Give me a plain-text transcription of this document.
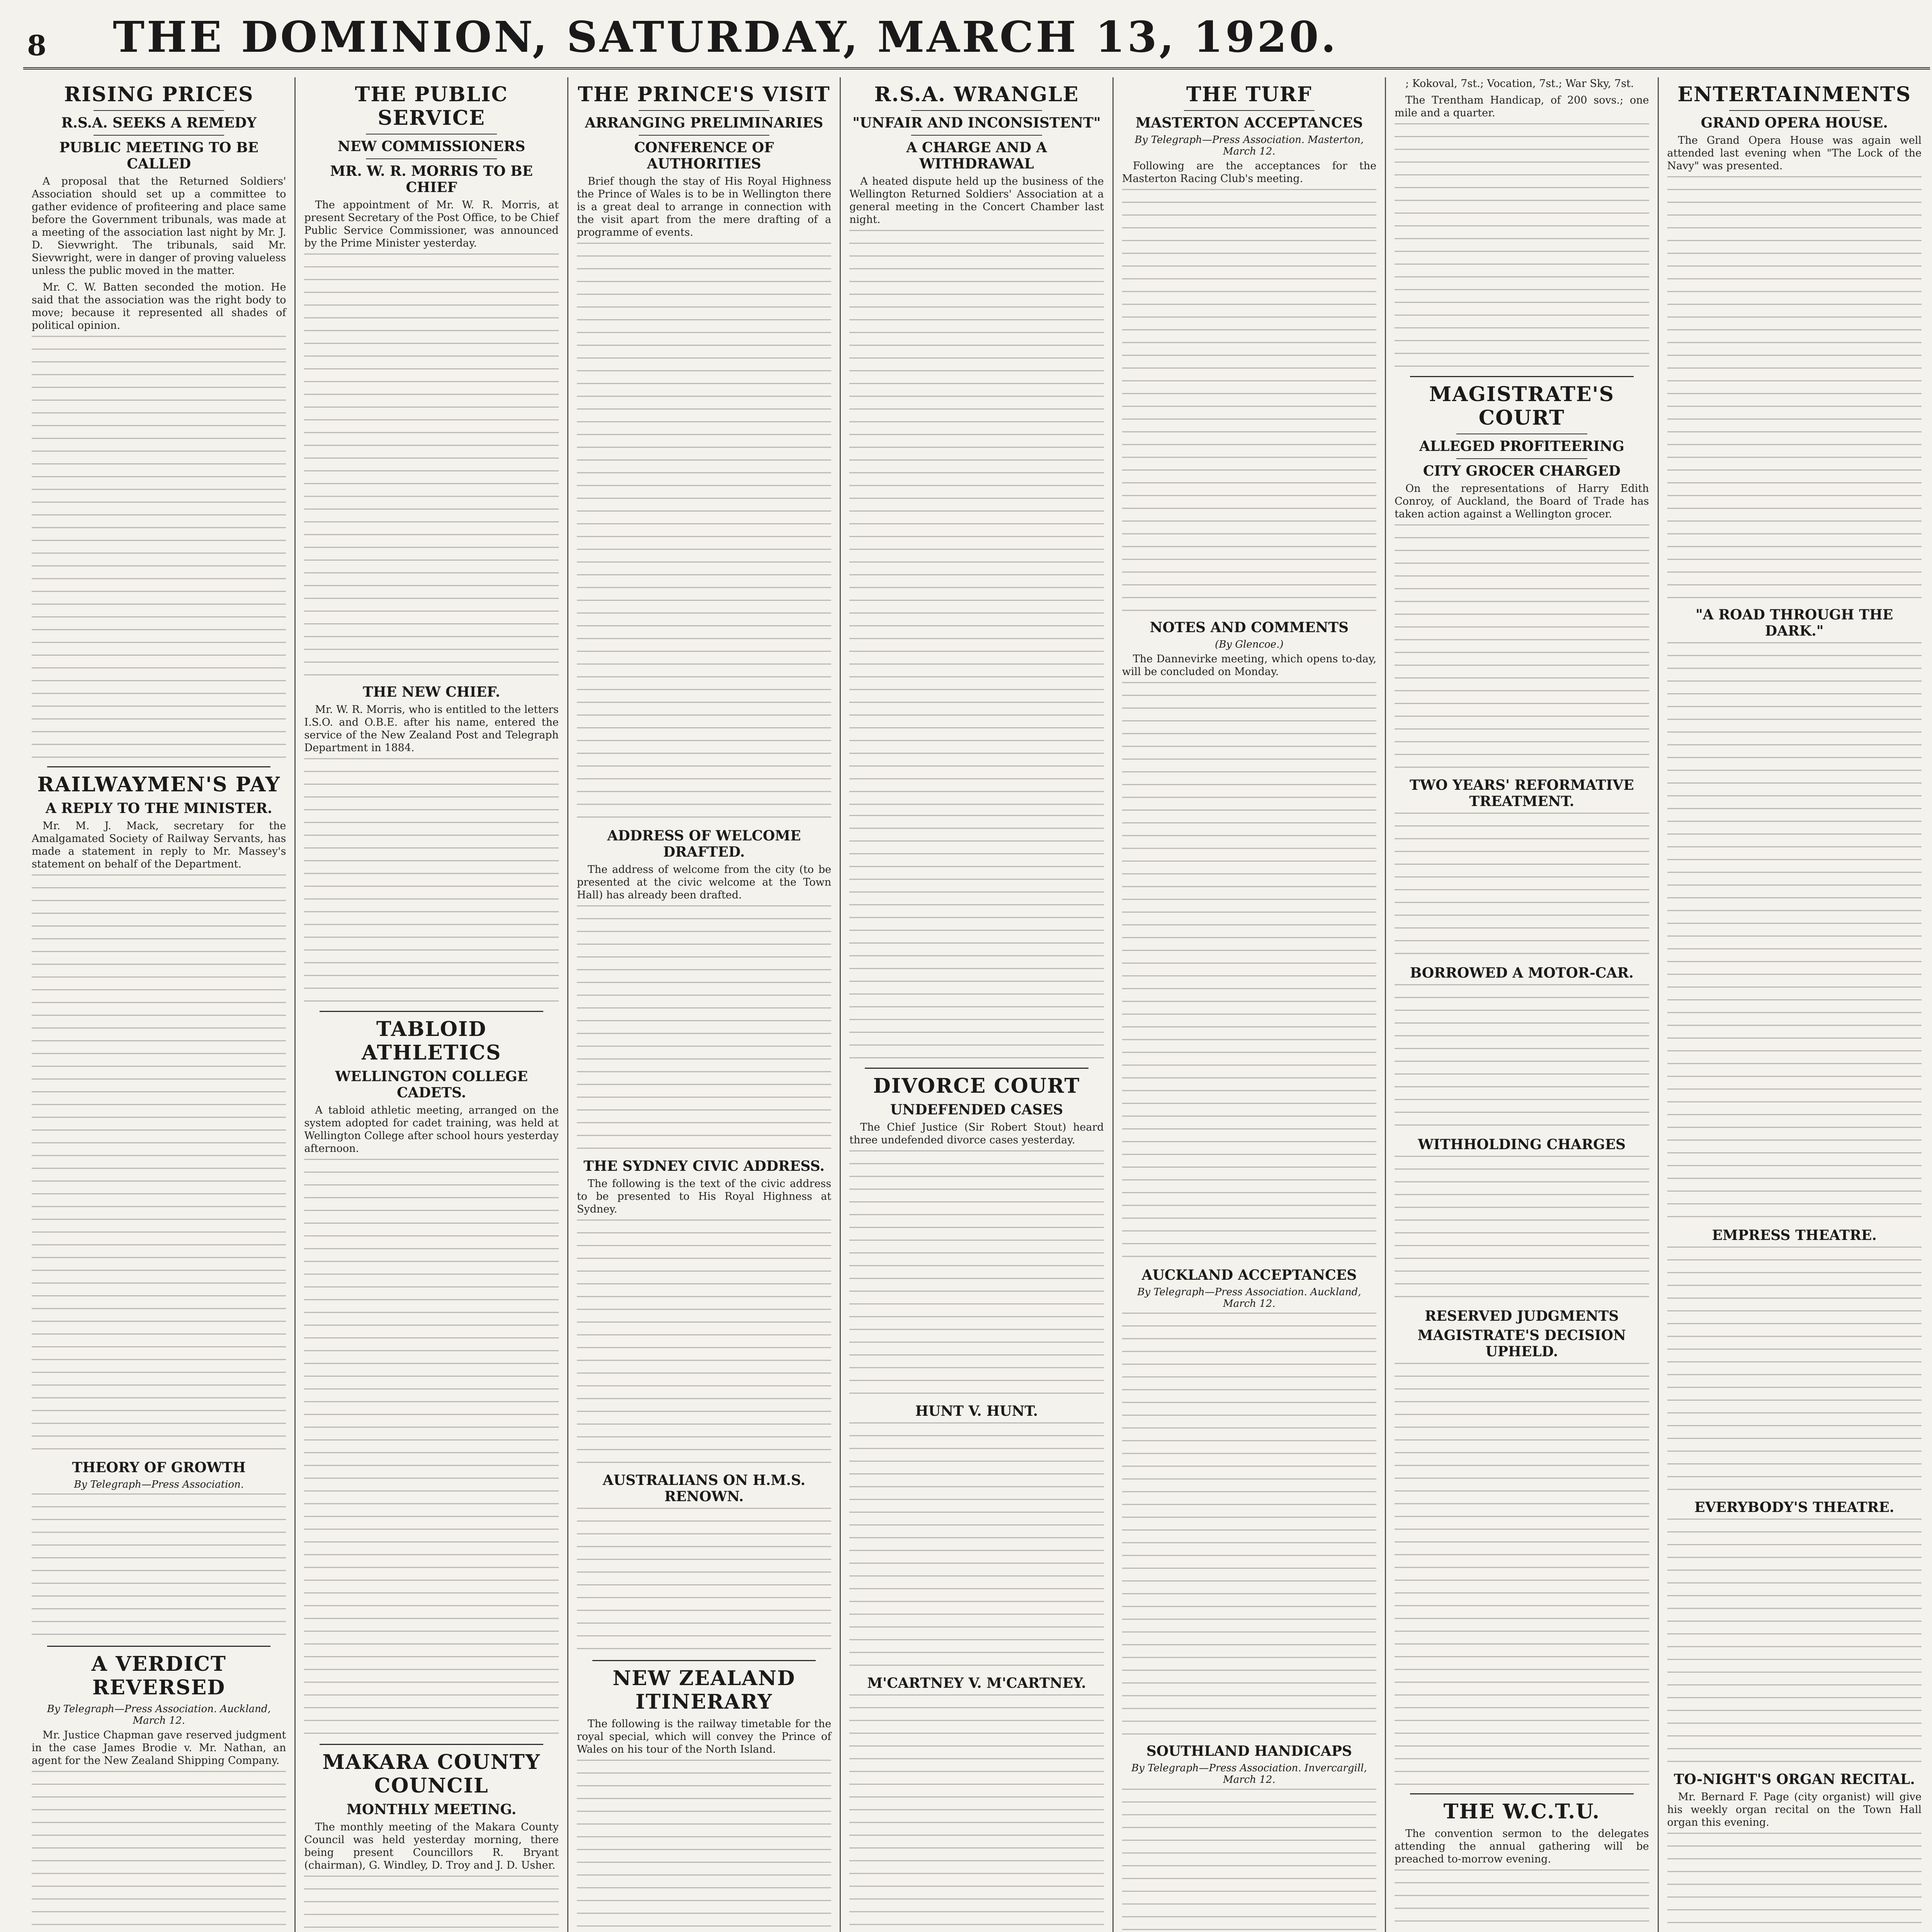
8	THE DOMINION, SATURDAY, MARCH 13, 1920.
RISING PRICES
R.S.A. SEEKS A REMEDY
PUBLIC MEETING TO BE CALLED

A proposal that the Returned Soldiers' Association should set up a committee to gather evidence of profiteering and place same before the Government tribunals, was made at a meeting of the association last night by Mr. J. D. Sievwright. The tribunals, said Mr. Sievwright, were in danger of proving valueless unless the public moved in the matter.

Mr. C. W. Batten seconded the motion. He said that the association was the right body to move; because it represented all shades of political opinion.

RAILWAYMEN'S PAY
A REPLY TO THE MINISTER.

Mr. M. J. Mack, secretary for the Amalgamated Society of Railway Servants, has made a statement in reply to Mr. Massey's statement on behalf of the Department.

THEORY OF GROWTH
By Telegraph—Press Association.
A VERDICT REVERSED
By Telegraph—Press Association. Auckland, March 12.

Mr. Justice Chapman gave reserved judgment in the case James Brodie v. Mr. Nathan, an agent for the New Zealand Shipping Company.

THE PUBLIC SERVICE
NEW COMMISSIONERS
MR. W. R. MORRIS TO BE CHIEF

The appointment of Mr. W. R. Morris, at present Secretary of the Post Office, to be Chief Public Service Commissioner, was announced by the Prime Minister yesterday.

THE NEW CHIEF.

Mr. W. R. Morris, who is entitled to the letters I.S.O. and O.B.E. after his name, entered the service of the New Zealand Post and Telegraph Department in 1884.

TABLOID ATHLETICS
WELLINGTON COLLEGE CADETS.

A tabloid athletic meeting, arranged on the system adopted for cadet training, was held at Wellington College after school hours yesterday afternoon.

MAKARA COUNTY COUNCIL
MONTHLY MEETING.

The monthly meeting of the Makara County Council was held yesterday morning, there being present Councillors R. Bryant (chairman), G. Windley, D. Troy and J. D. Usher.

THE PRINCE'S VISIT
ARRANGING PRELIMINARIES
CONFERENCE OF AUTHORITIES

Brief though the stay of His Royal Highness the Prince of Wales is to be in Wellington there is a great deal to arrange in connection with the visit apart from the mere drafting of a programme of events.

ADDRESS OF WELCOME DRAFTED.

The address of welcome from the city (to be presented at the civic welcome at the Town Hall) has already been drafted.

THE SYDNEY CIVIC ADDRESS.

The following is the text of the civic address to be presented to His Royal Highness at Sydney.

AUSTRALIANS ON H.M.S. RENOWN.
NEW ZEALAND ITINERARY

The following is the railway timetable for the royal special, which will convey the Prince of Wales on his tour of the North Island.

R.S.A. WRANGLE
"UNFAIR AND INCONSISTENT"
A CHARGE AND A WITHDRAWAL

A heated dispute held up the business of the Wellington Returned Soldiers' Association at a general meeting in the Concert Chamber last night.

DIVORCE COURT
UNDEFENDED CASES

The Chief Justice (Sir Robert Stout) heard three undefended divorce cases yesterday.

HUNT V. HUNT.
M'CARTNEY V. M'CARTNEY.
THE TURF
MASTERTON ACCEPTANCES
By Telegraph—Press Association. Masterton, March 12.

Following are the acceptances for the Masterton Racing Club's meeting.

NOTES AND COMMENTS
(By Glencoe.)

The Dannevirke meeting, which opens to-day, will be concluded on Monday.

AUCKLAND ACCEPTANCES
By Telegraph—Press Association. Auckland, March 12.
SOUTHLAND HANDICAPS
By Telegraph—Press Association. Invercargill, March 12.

; Kokoval, 7st.; Vocation, 7st.; War Sky, 7st.

The Trentham Handicap, of 200 sovs.; one mile and a quarter.

MAGISTRATE'S COURT
ALLEGED PROFITEERING
CITY GROCER CHARGED

On the representations of Harry Edith Conroy, of Auckland, the Board of Trade has taken action against a Wellington grocer.

TWO YEARS' REFORMATIVE TREATMENT.
BORROWED A MOTOR-CAR.
WITHHOLDING CHARGES
RESERVED JUDGMENTS
MAGISTRATE'S DECISION UPHELD.
THE W.C.T.U.

The convention sermon to the delegates attending the annual gathering will be preached to-morrow evening.

ENTERTAINMENTS
GRAND OPERA HOUSE.

The Grand Opera House was again well attended last evening when "The Lock of the Navy" was presented.

"A ROAD THROUGH THE DARK."
EMPRESS THEATRE.
EVERYBODY'S THEATRE.
TO-NIGHT'S ORGAN RECITAL.

Mr. Bernard F. Page (city organist) will give his weekly organ recital on the Town Hall organ this evening.
